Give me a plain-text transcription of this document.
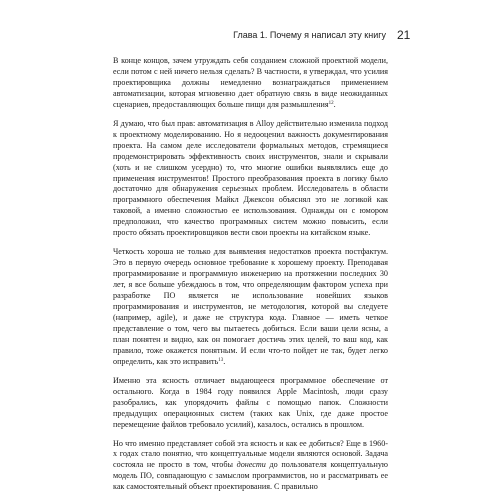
Глава 1. Почему я написал эту книгу 21

В конце концов, зачем утруждать себя созданием сложной проектной модели, если потом с ней ничего нельзя сделать? В частности, я утверждал, что усилия проектировщика должны немедленно вознаграждаться применением автоматизации, которая мгновенно дает обратную связь в виде неожиданных сценариев, предоставляющих больше пищи для размышления$^{12}$.

Я думаю, что был прав: автоматизация в Alloy действительно изменила подход к проектному моделированию. Но я недооценил важность документирования проекта. На самом деле исследователи формальных методов, стремящиеся продемонстрировать эффективность своих инструментов, знали и скрывали (хоть и не слишком усердно) то, что многие ошибки выявлялись еще до применения инструментов! Простого преобразования проекта в логику было достаточно для обнаружения серьезных проблем. Исследователь в области программного обеспечения Майкл Джексон объяснял это не логикой как таковой, а именно сложностью ее использования. Однажды он с юмором предположил, что качество программных систем можно повысить, если просто обязать проектировщиков вести свои проекты на китайском языке.

Четкость хороша не только для выявления недостатков проекта постфактум. Это в первую очередь основное требование к хорошему проекту. Преподавая программирование и программную инженерию на протяжении последних 30 лет, я все больше убеждаюсь в том, что определяющим фактором успеха при разработке ПО является не использование новейших языков программирования и инструментов, не методология, которой вы следуете (например, agile), и даже не структура кода. Главное — иметь четкое представление о том, чего вы пытаетесь добиться. Если ваши цели ясны, а план понятен и видно, как он помогает достичь этих целей, то ваш код, как правило, тоже окажется понятным. И если что-то пойдет не так, будет легко определить, как это исправить$^{13}$.

Именно эта ясность отличает выдающееся программное обеспечение от остального. Когда в 1984 году появился Apple Macintosh, люди сразу разобрались, как упорядочить файлы с помощью папок. Сложности предыдущих операционных систем (таких как Unix, где даже простое перемещение файлов требовало усилий), казалось, остались в прошлом.

Но что именно представляет собой эта ясность и как ее добиться? Еще в 1960-х годах стало понятно, что концептуальные модели являются основой. Задача состояла не просто в том, чтобы донести до пользователя концептуальную модель ПО, совпадающую с замыслом программистов, но и рассматривать ее как самостоятельный объект проектирования. С правильно
